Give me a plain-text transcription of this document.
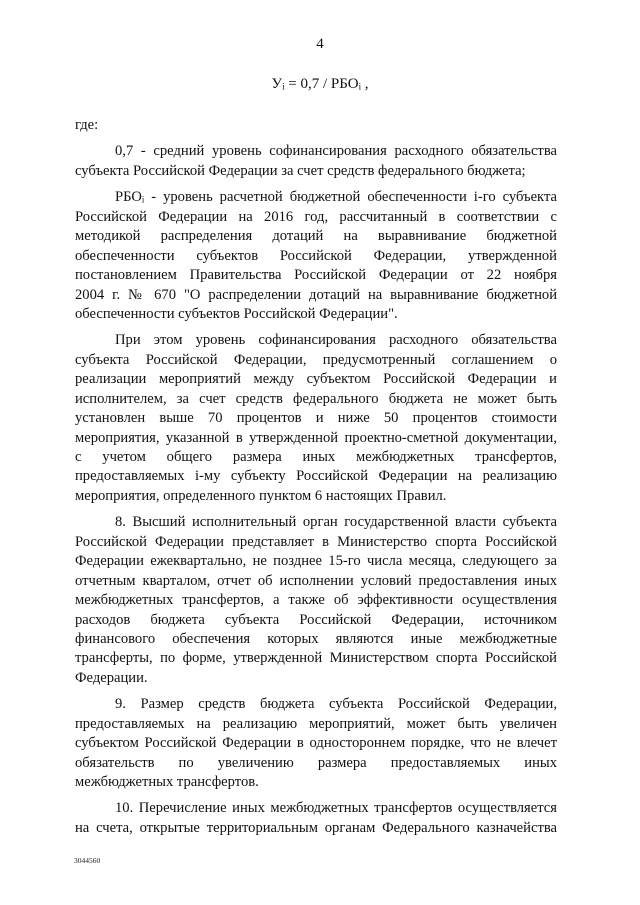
4
Уᵢ = 0,7 / РБОᵢ ,
где:
0,7 - средний уровень софинансирования расходного обязательства
субъекта Российской Федерации за счет средств федерального бюджета;
РБОᵢ - уровень расчетной бюджетной обеспеченности i-го субъекта
Российской Федерации на 2016 год, рассчитанный в соответствии с
методикой распределения дотаций на выравнивание бюджетной
обеспеченности субъектов Российской Федерации, утвержденной
постановлением Правительства Российской Федерации от 22 ноября
2004 г. № 670 "О распределении дотаций на выравнивание бюджетной
обеспеченности субъектов Российской Федерации".
При этом уровень софинансирования расходного обязательства
субъекта Российской Федерации, предусмотренный соглашением о
реализации мероприятий между субъектом Российской Федерации и
исполнителем, за счет средств федерального бюджета не может быть
установлен выше 70 процентов и ниже 50 процентов стоимости
мероприятия, указанной в утвержденной проектно-сметной документации,
с учетом общего размера иных межбюджетных трансфертов,
предоставляемых i-му субъекту Российской Федерации на реализацию
мероприятия, определенного пунктом 6 настоящих Правил.
8. Высший исполнительный орган государственной власти субъекта
Российской Федерации представляет в Министерство спорта Российской
Федерации ежеквартально, не позднее 15-го числа месяца, следующего за
отчетным кварталом, отчет об исполнении условий предоставления иных
межбюджетных трансфертов, а также об эффективности осуществления
расходов бюджета субъекта Российской Федерации, источником
финансового обеспечения которых являются иные межбюджетные
трансферты, по форме, утвержденной Министерством спорта Российской
Федерации.
9. Размер средств бюджета субъекта Российской Федерации,
предоставляемых на реализацию мероприятий, может быть увеличен
субъектом Российской Федерации в одностороннем порядке, что не влечет
обязательств по увеличению размера предоставляемых иных
межбюджетных трансфертов.
10. Перечисление иных межбюджетных трансфертов осуществляется
на счета, открытые территориальным органам Федерального казначейства
3044560
